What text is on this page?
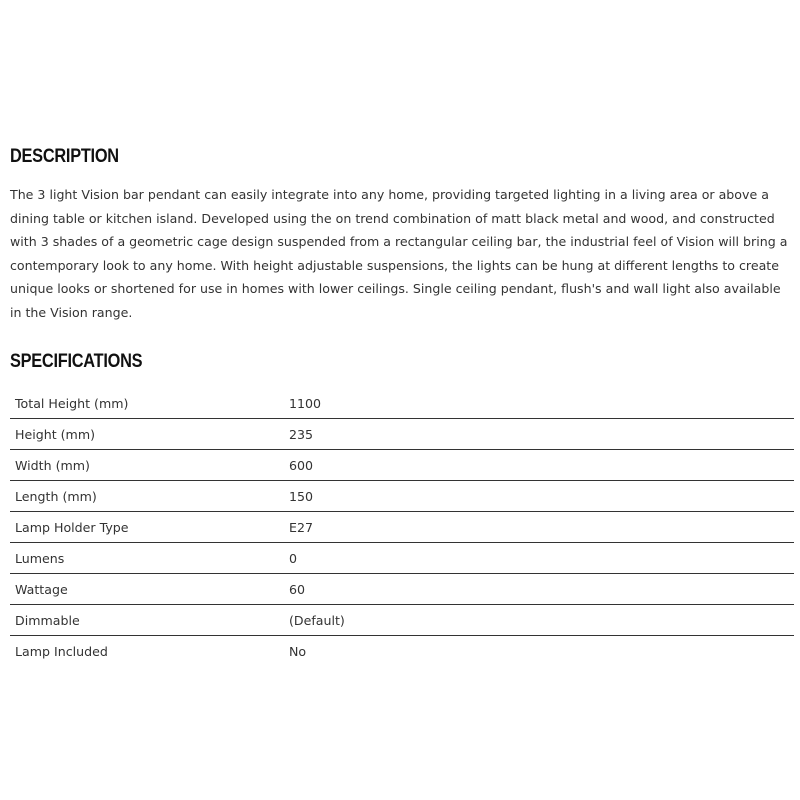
DESCRIPTION

The 3 light Vision bar pendant can easily integrate into any home, providing targeted lighting in a living area or above a dining table or kitchen island. Developed using the on trend combination of matt black metal and wood, and constructed with 3 shades of a geometric cage design suspended from a rectangular ceiling bar, the industrial feel of Vision will bring a contemporary look to any home. With height adjustable suspensions, the lights can be hung at different lengths to create unique looks or shortened for use in homes with lower ceilings. Single ceiling pendant, flush's and wall light also available in the Vision range.

SPECIFICATIONS
Total Height (mm)	1100
Height (mm)	235
Width (mm)	600
Length (mm)	150
Lamp Holder Type	E27
Lumens	0
Wattage	60
Dimmable	(Default)
Lamp Included	No
